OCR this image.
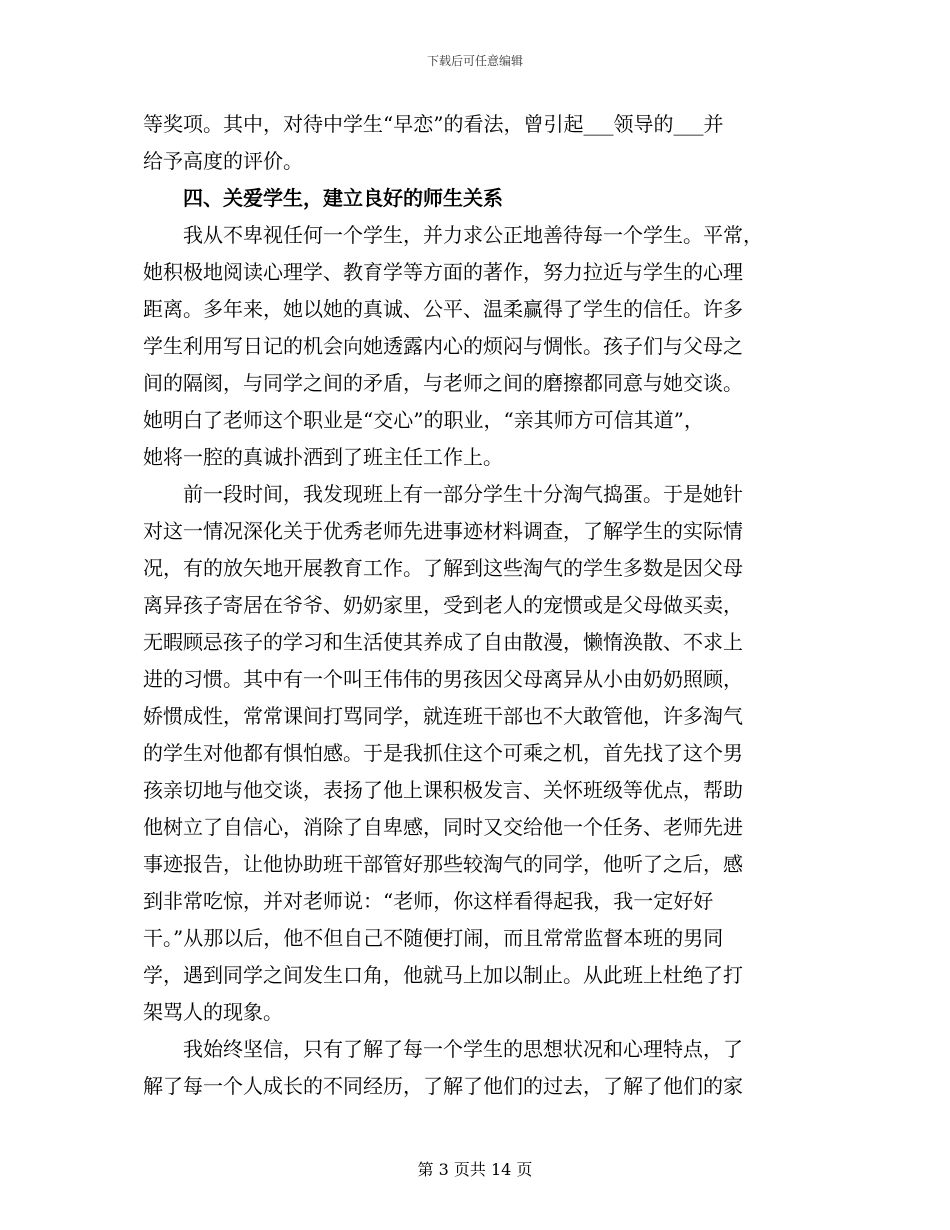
下载后可任意编辑
等奖项。其中，对待中学生“早恋”的看法，曾引起___领导的___并
给予高度的评价。
　　四、关爱学生，建立良好的师生关系
　　我从不卑视任何一个学生，并力求公正地善待每一个学生。平常，
她积极地阅读心理学、教育学等方面的著作，努力拉近与学生的心理
距离。多年来，她以她的真诚、公平、温柔赢得了学生的信任。许多
学生利用写日记的机会向她透露内心的烦闷与惆怅。孩子们与父母之
间的隔阂，与同学之间的矛盾，与老师之间的磨擦都同意与她交谈。
她明白了老师这个职业是“交心”的职业，“亲其师方可信其道”，
她将一腔的真诚扑洒到了班主任工作上。
　　前一段时间，我发现班上有一部分学生十分淘气捣蛋。于是她针
对这一情况深化关于优秀老师先进事迹材料调查，了解学生的实际情
况，有的放矢地开展教育工作。了解到这些淘气的学生多数是因父母
离异孩子寄居在爷爷、奶奶家里，受到老人的宠惯或是父母做买卖，
无暇顾忌孩子的学习和生活使其养成了自由散漫，懒惰涣散、不求上
进的习惯。其中有一个叫王伟伟的男孩因父母离异从小由奶奶照顾，
娇惯成性，常常课间打骂同学，就连班干部也不大敢管他，许多淘气
的学生对他都有惧怕感。于是我抓住这个可乘之机，首先找了这个男
孩亲切地与他交谈，表扬了他上课积极发言、关怀班级等优点，帮助
他树立了自信心，消除了自卑感，同时又交给他一个任务、老师先进
事迹报告，让他协助班干部管好那些较淘气的同学，他听了之后，感
到非常吃惊，并对老师说：“老师，你这样看得起我，我一定好好
干。”从那以后，他不但自己不随便打闹，而且常常监督本班的男同
学，遇到同学之间发生口角，他就马上加以制止。从此班上杜绝了打
架骂人的现象。
　　我始终坚信，只有了解了每一个学生的思想状况和心理特点，了
解了每一个人成长的不同经历，了解了他们的过去，了解了他们的家
第 3 页共 14 页
